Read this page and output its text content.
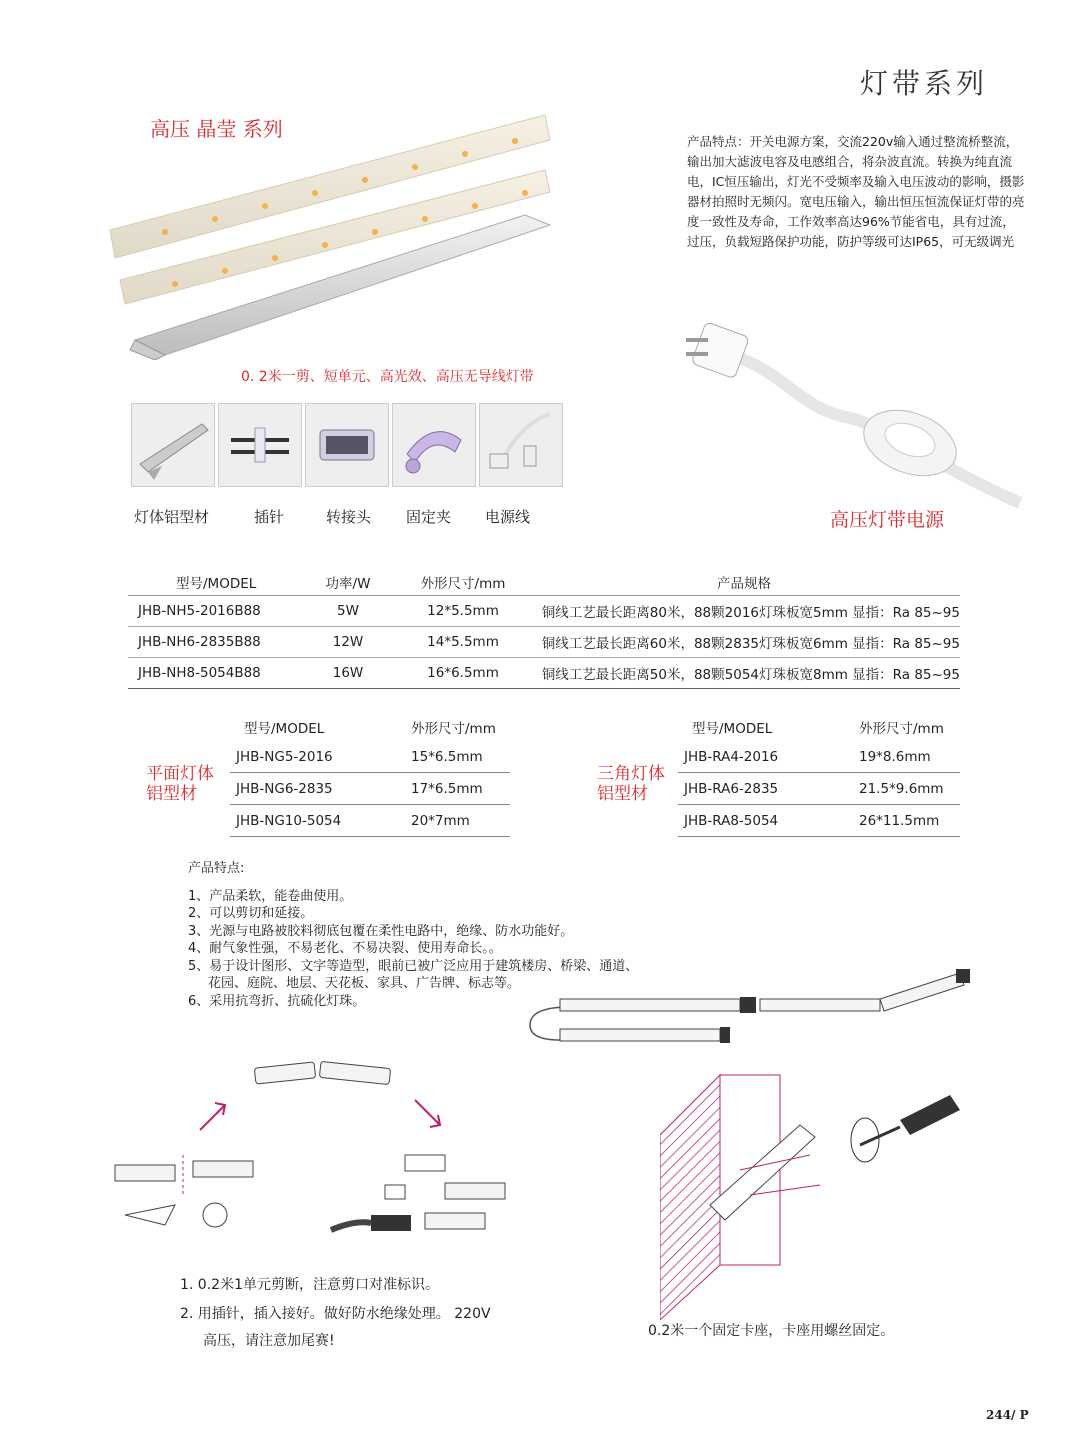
灯带系列
高压 晶莹 系列
0. 2米一剪、短单元、高光效、高压无导线灯带
产品特点：开关电源方案，交流220v输入通过整流桥整流，输出加大滤波电容及电感组合，将杂波直流。转换为纯直流电，IC恒压输出，灯光不受频率及输入电压波动的影响，摄影器材拍照时无频闪。宽电压输入，输出恒压恒流保证灯带的亮度一致性及寿命，工作效率高达96%节能省电，具有过流，过压，负载短路保护功能，防护等级可达IP65，可无级调光
灯体铝型材	插针	转接头 固定夹 电源线	高压灯带电源
型号/MODEL	功率/W	外形尺寸/mm	产品规格
JHB-NH5-2016B88	5W	12*5.5mm	铜线工艺最长距离80米，88颗2016灯珠板宽5mm 显指：Ra 85~95
JHB-NH6-2835B88	12W	14*5.5mm	铜线工艺最长距离60米，88颗2835灯珠板宽6mm 显指：Ra 85~95
JHB-NH8-5054B88	16W	16*6.5mm	铜线工艺最长距离50米，88颗5054灯珠板宽8mm 显指：Ra 85~95
平面灯体
铝型材
型号/MODEL	外形尺寸/mm
JHB-NG5-2016	15*6.5mm
JHB-NG6-2835	17*6.5mm
JHB-NG10-5054	20*7mm
三角灯体
铝型材
型号/MODEL	外形尺寸/mm
JHB-RA4-2016	19*8.6mm
JHB-RA6-2835	21.5*9.6mm
JHB-RA8-5054	26*11.5mm
产品特点:
1、产品柔软，能卷曲使用。
2、可以剪切和延接。
3、光源与电路被胶料彻底包覆在柔性电路中，绝缘、防水功能好。
4、耐气象性强，不易老化、不易决裂、使用寿命长。。
5、易于设计图形、文字等造型，眼前已被广泛应用于建筑楼房、桥梁、通道、
花园、庭院、地层、天花板、家具、广告牌、标志等。
6、采用抗弯折、抗硫化灯珠。
1. 0.2米1单元剪断，注意剪口对准标识。
2. 用插针，插入接好。做好防水绝缘处理。 220V
高压，请注意加尾赛!
0.2米一个固定卡座，卡座用螺丝固定。
244/ P
